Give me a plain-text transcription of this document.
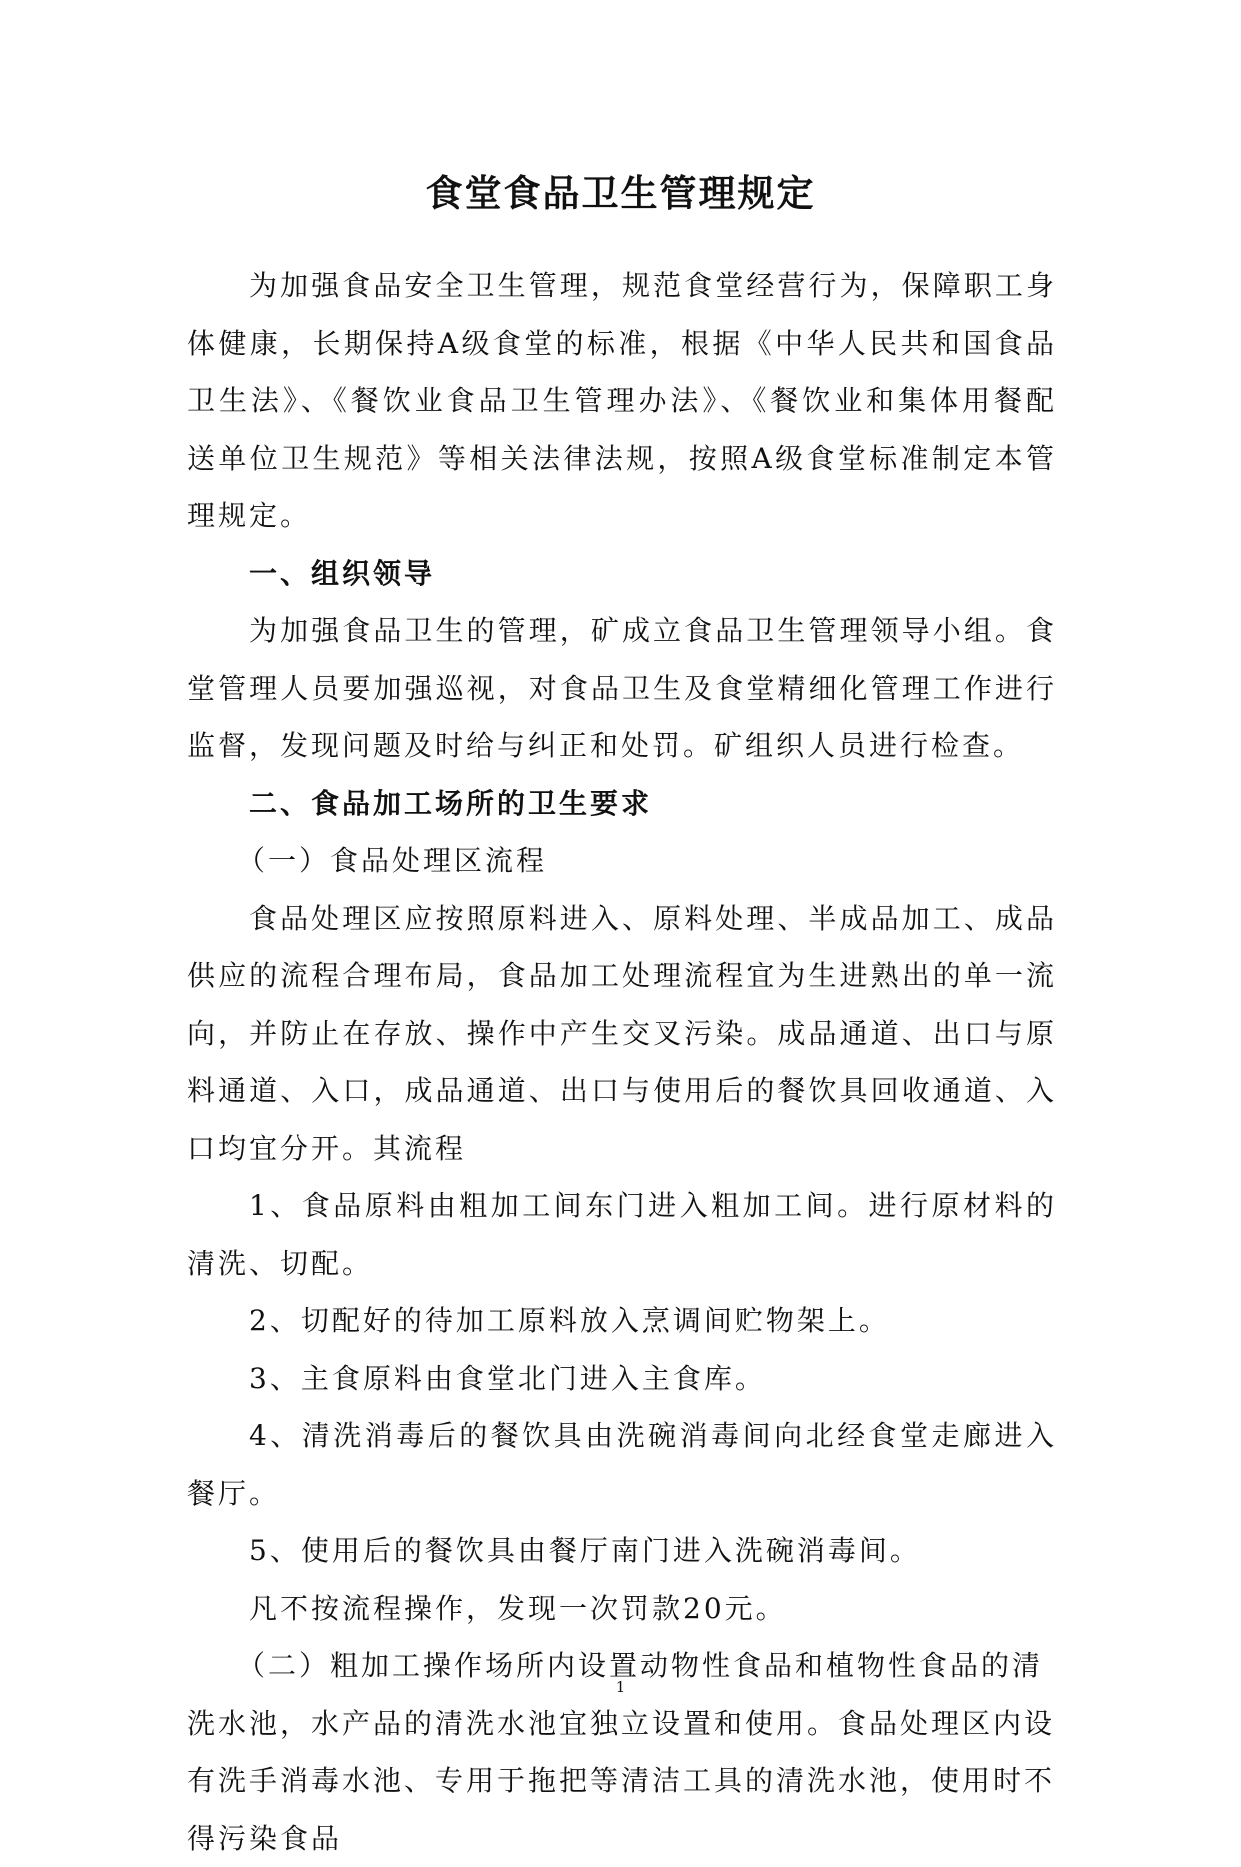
食堂食品卫生管理规定

为加强食品安全卫生管理，规范食堂经营行为，保障职工身体健康，长期保持A级食堂的标准，根据《中华人民共和国食品卫生法》、《餐饮业食品卫生管理办法》、《餐饮业和集体用餐配送单位卫生规范》等相关法律法规，按照A级食堂标准制定本管理规定。

一、组织领导

为加强食品卫生的管理，矿成立食品卫生管理领导小组。食堂管理人员要加强巡视，对食品卫生及食堂精细化管理工作进行监督，发现问题及时给与纠正和处罚。矿组织人员进行检查。

二、食品加工场所的卫生要求

（一）食品处理区流程

食品处理区应按照原料进入、原料处理、半成品加工、成品供应的流程合理布局，食品加工处理流程宜为生进熟出的单一流向，并防止在存放、操作中产生交叉污染。成品通道、出口与原料通道、入口，成品通道、出口与使用后的餐饮具回收通道、入口均宜分开。其流程

1、食品原料由粗加工间东门进入粗加工间。进行原材料的清洗、切配。

2、切配好的待加工原料放入烹调间贮物架上。

3、主食原料由食堂北门进入主食库。

4、清洗消毒后的餐饮具由洗碗消毒间向北经食堂走廊进入餐厅。

5、使用后的餐饮具由餐厅南门进入洗碗消毒间。

凡不按流程操作，发现一次罚款20元。

（二）粗加工操作场所内设置动物性食品和植物性食品的清洗水池，水产品的清洗水池宜独立设置和使用。食品处理区内设有洗手消毒水池、专用于拖把等清洁工具的清洗水池，使用时不得污染食品

1
